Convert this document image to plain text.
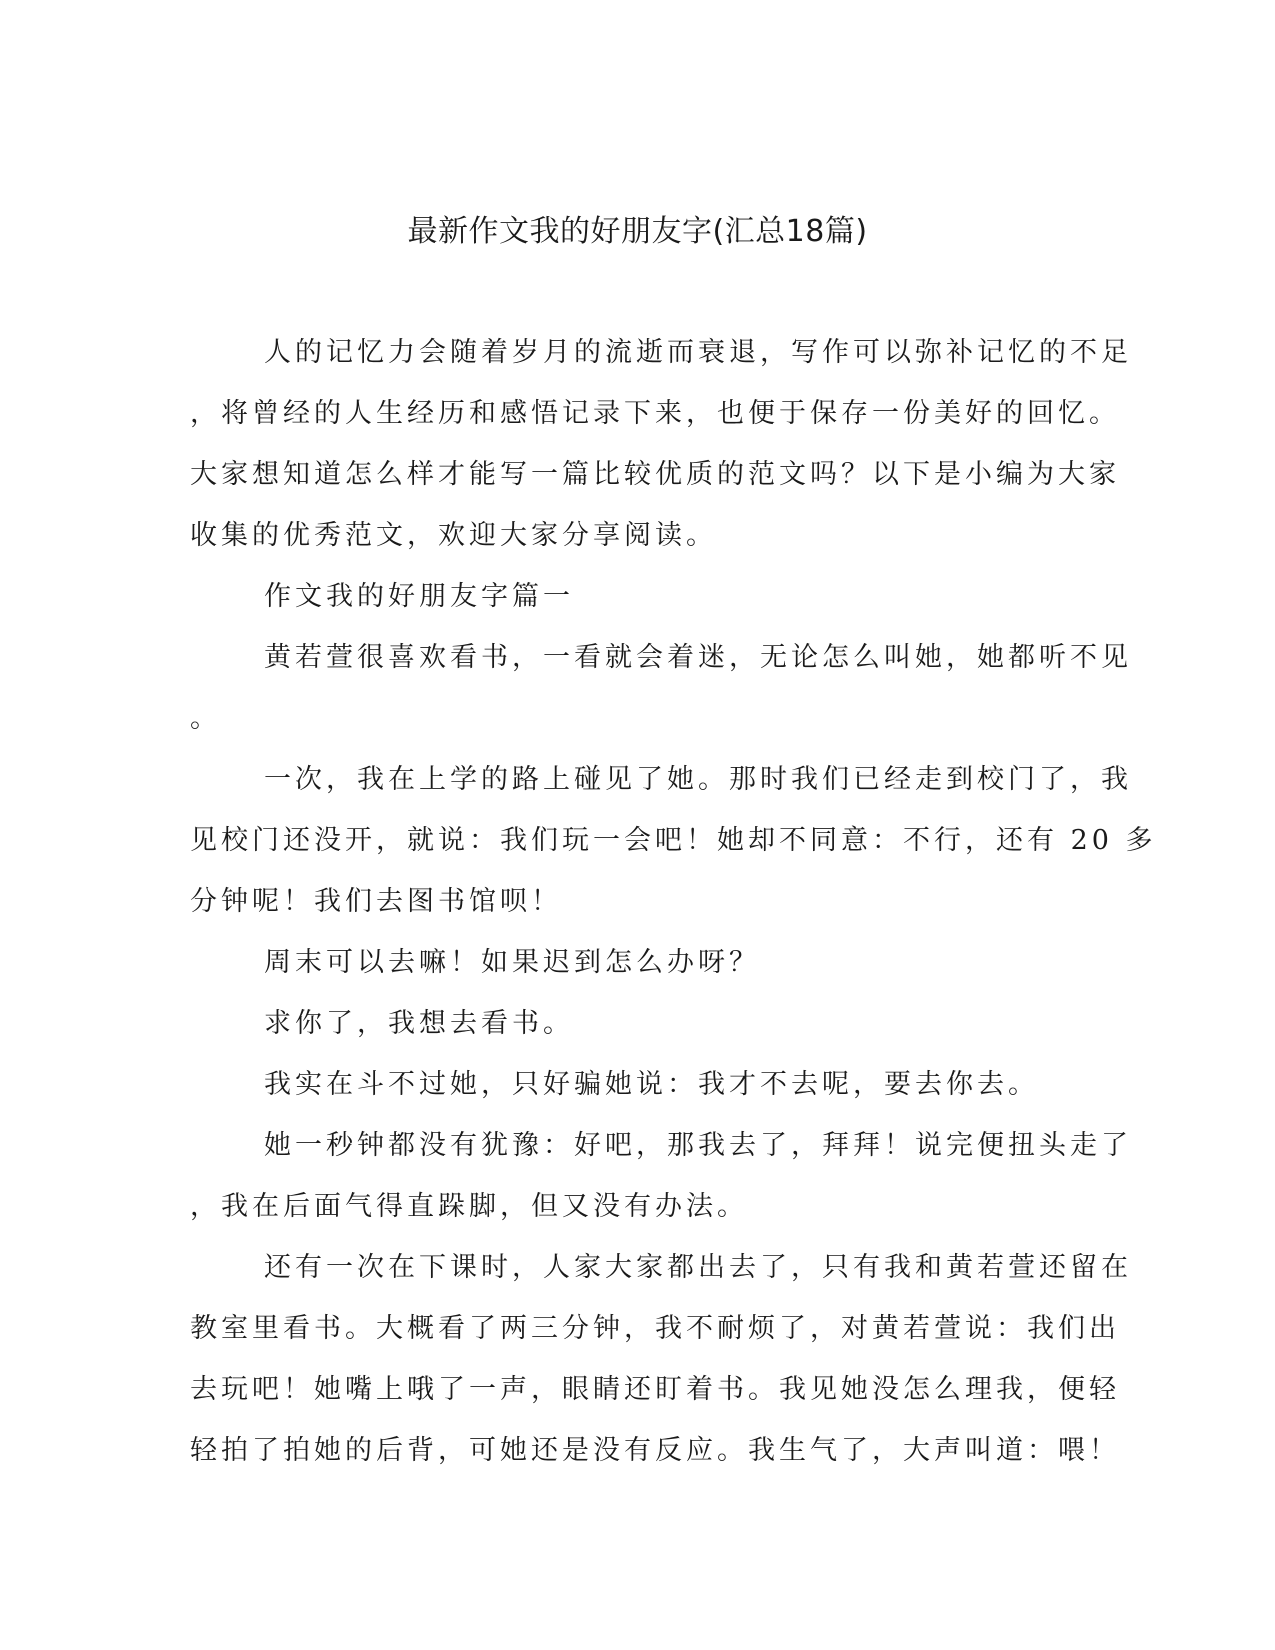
最新作文我的好朋友字(汇总18篇)

人的记忆力会随着岁月的流逝而衰退，写作可以弥补记忆的不足

，将曾经的人生经历和感悟记录下来，也便于保存一份美好的回忆。

大家想知道怎么样才能写一篇比较优质的范文吗？以下是小编为大家

收集的优秀范文，欢迎大家分享阅读。

作文我的好朋友字篇一

黄若萱很喜欢看书，一看就会着迷，无论怎么叫她，她都听不见

。

一次，我在上学的路上碰见了她。那时我们已经走到校门了，我

见校门还没开，就说：我们玩一会吧！她却不同意：不行，还有 20 多

分钟呢！我们去图书馆呗！

周末可以去嘛！如果迟到怎么办呀？

求你了，我想去看书。

我实在斗不过她，只好骗她说：我才不去呢，要去你去。

她一秒钟都没有犹豫：好吧，那我去了，拜拜！说完便扭头走了

，我在后面气得直跺脚，但又没有办法。

还有一次在下课时，人家大家都出去了，只有我和黄若萱还留在

教室里看书。大概看了两三分钟，我不耐烦了，对黄若萱说：我们出

去玩吧！她嘴上哦了一声，眼睛还盯着书。我见她没怎么理我，便轻

轻拍了拍她的后背，可她还是没有反应。我生气了，大声叫道：喂！
